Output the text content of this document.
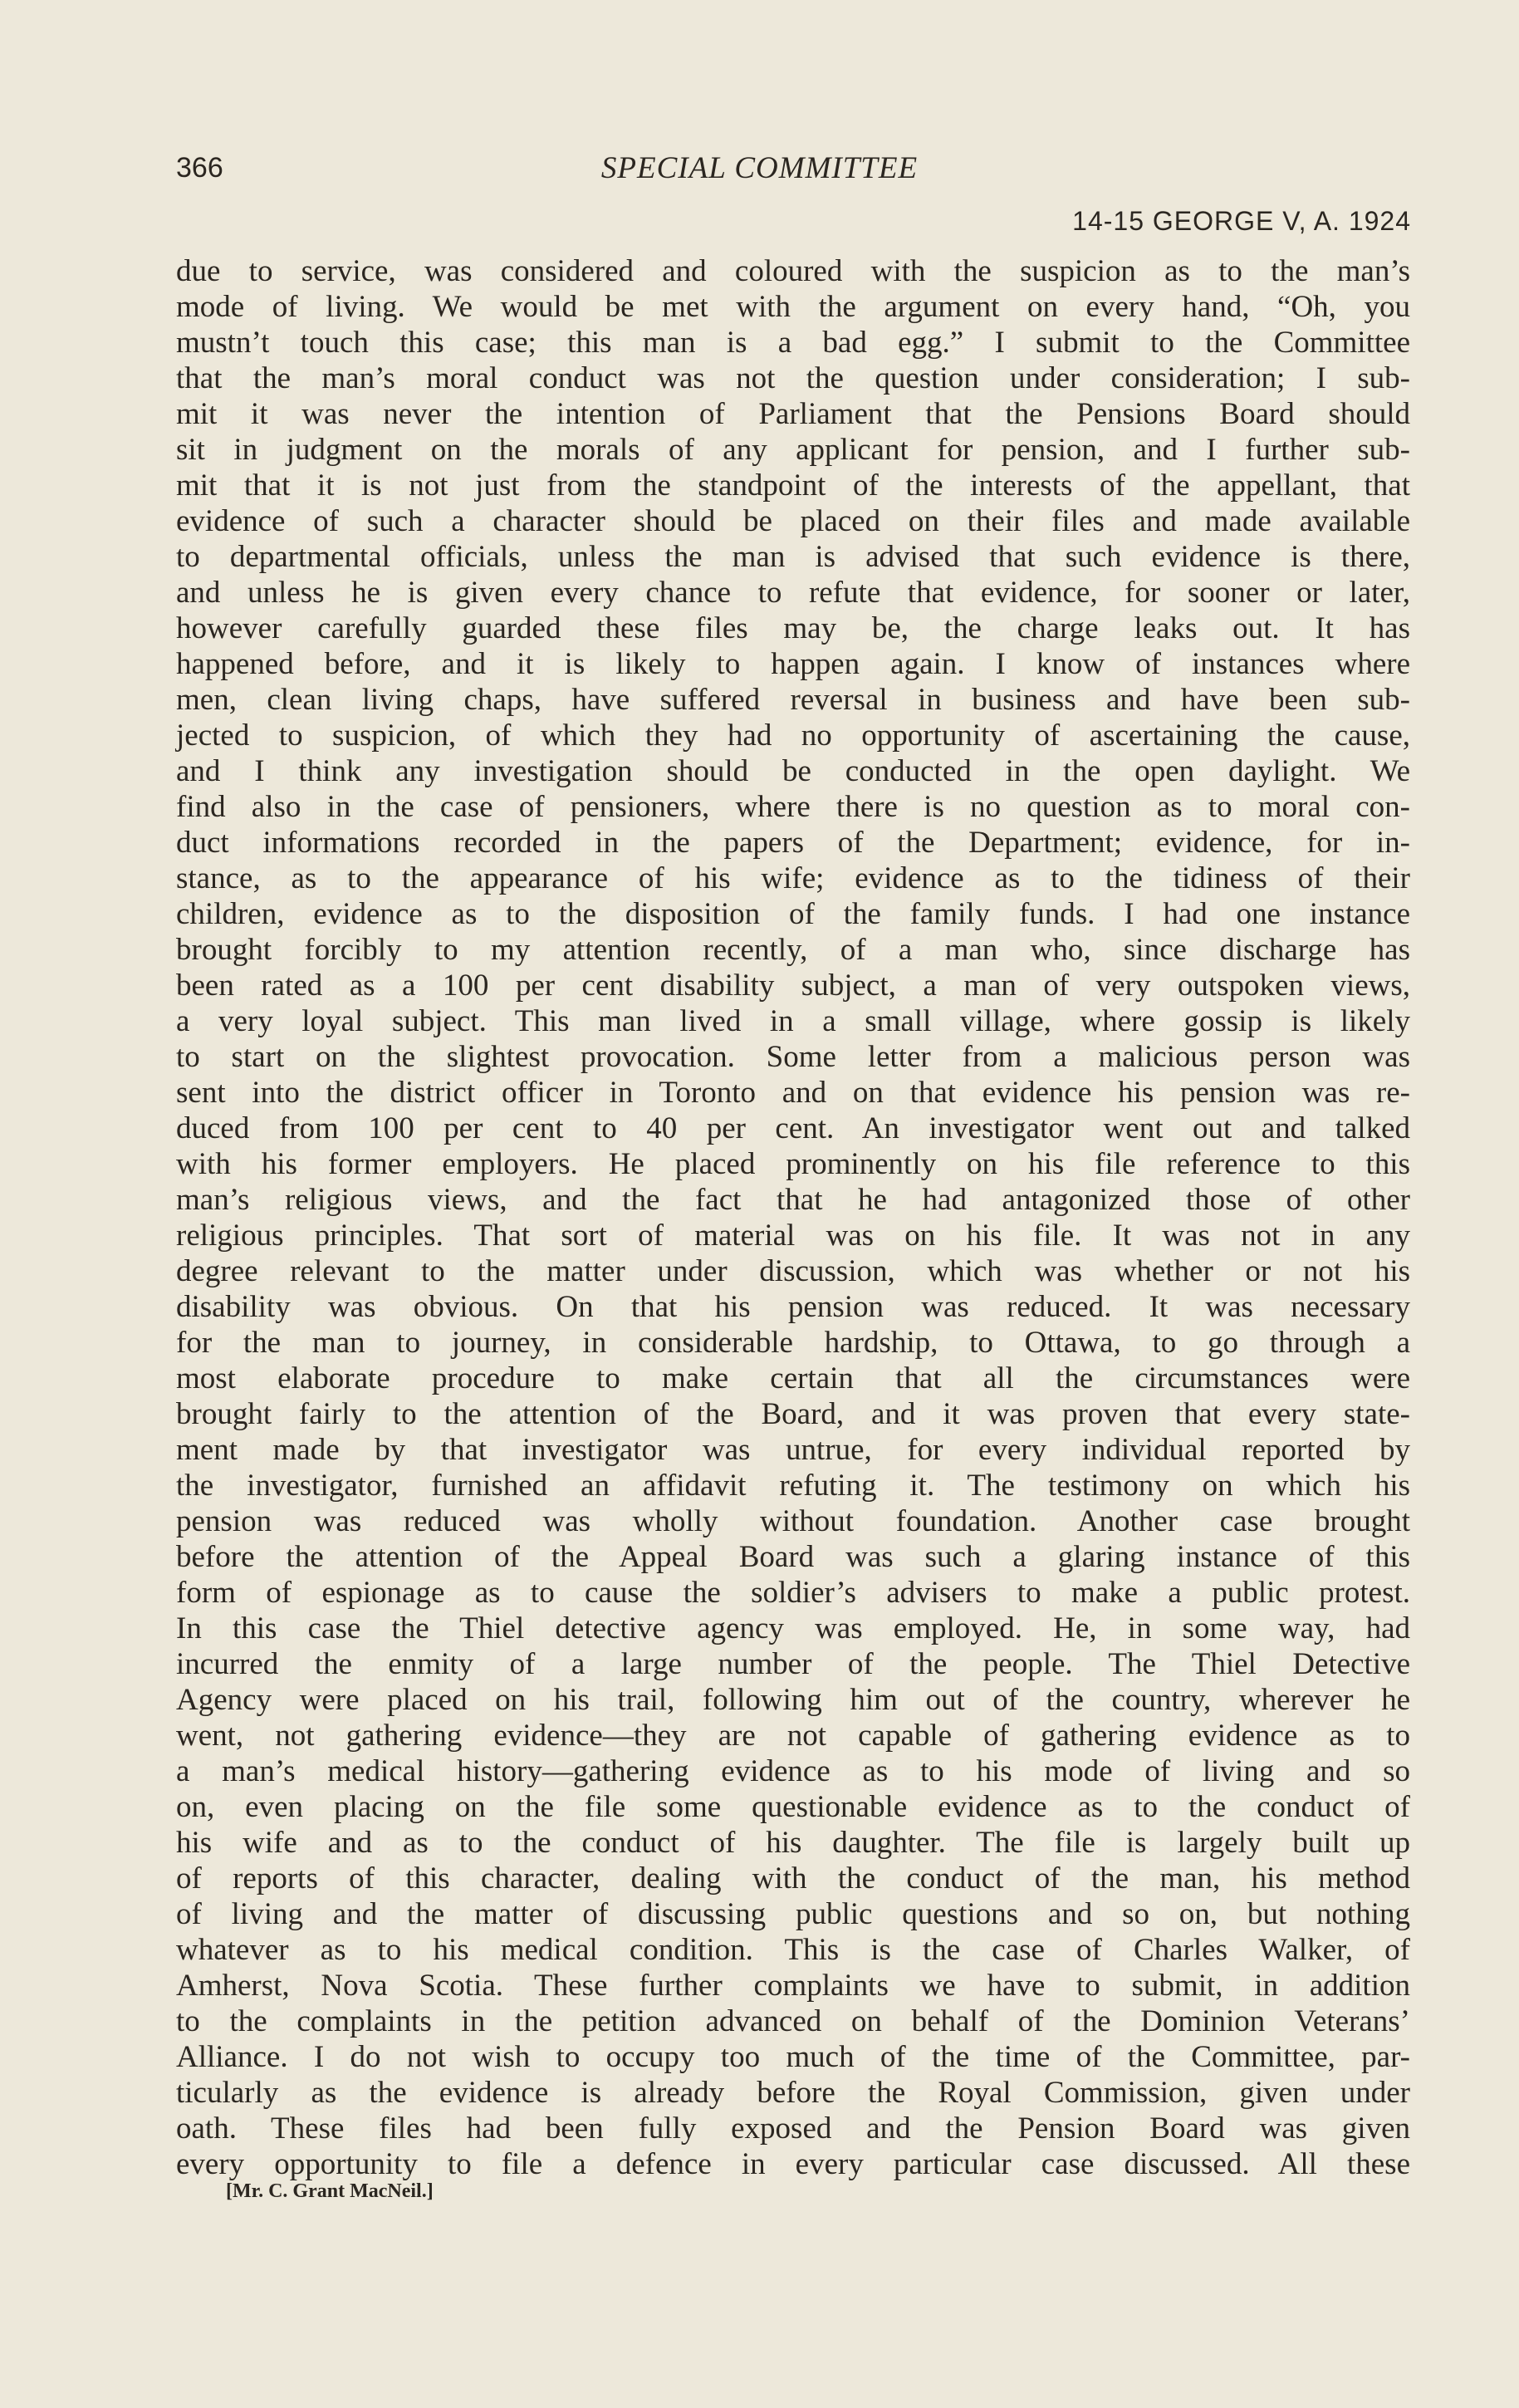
366	SPECIAL COMMITTEE
14-15 GEORGE V, A. 1924
due to service, was considered and coloured with the suspicion as to the man’s
mode of living. We would be met with the argument on every hand, “Oh, you
mustn’t touch this case; this man is a bad egg.” I submit to the Committee
that the man’s moral conduct was not the question under consideration; I sub-
mit it was never the intention of Parliament that the Pensions Board should
sit in judgment on the morals of any applicant for pension, and I further sub-
mit that it is not just from the standpoint of the interests of the appellant, that
evidence of such a character should be placed on their files and made available
to departmental officials, unless the man is advised that such evidence is there,
and unless he is given every chance to refute that evidence, for sooner or later,
however carefully guarded these files may be, the charge leaks out. It has
happened before, and it is likely to happen again. I know of instances where
men, clean living chaps, have suffered reversal in business and have been sub-
jected to suspicion, of which they had no opportunity of ascertaining the cause,
and I think any investigation should be conducted in the open daylight. We
find also in the case of pensioners, where there is no question as to moral con-
duct informations recorded in the papers of the Department; evidence, for in-
stance, as to the appearance of his wife; evidence as to the tidiness of their
children, evidence as to the disposition of the family funds. I had one instance
brought forcibly to my attention recently, of a man who, since discharge has
been rated as a 100 per cent disability subject, a man of very outspoken views,
a very loyal subject. This man lived in a small village, where gossip is likely
to start on the slightest provocation. Some letter from a malicious person was
sent into the district officer in Toronto and on that evidence his pension was re-
duced from 100 per cent to 40 per cent. An investigator went out and talked
with his former employers. He placed prominently on his file reference to this
man’s religious views, and the fact that he had antagonized those of other
religious principles. That sort of material was on his file. It was not in any
degree relevant to the matter under discussion, which was whether or not his
disability was obvious. On that his pension was reduced. It was necessary
for the man to journey, in considerable hardship, to Ottawa, to go through a
most elaborate procedure to make certain that all the circumstances were
brought fairly to the attention of the Board, and it was proven that every state-
ment made by that investigator was untrue, for every individual reported by
the investigator, furnished an affidavit refuting it. The testimony on which his
pension was reduced was wholly without foundation. Another case brought
before the attention of the Appeal Board was such a glaring instance of this
form of espionage as to cause the soldier’s advisers to make a public protest.
In this case the Thiel detective agency was employed. He, in some way, had
incurred the enmity of a large number of the people. The Thiel Detective
Agency were placed on his trail, following him out of the country, wherever he
went, not gathering evidence—they are not capable of gathering evidence as to
a man’s medical history—gathering evidence as to his mode of living and so
on, even placing on the file some questionable evidence as to the conduct of
his wife and as to the conduct of his daughter. The file is largely built up
of reports of this character, dealing with the conduct of the man, his method
of living and the matter of discussing public questions and so on, but nothing
whatever as to his medical condition. This is the case of Charles Walker, of
Amherst, Nova Scotia. These further complaints we have to submit, in addition
to the complaints in the petition advanced on behalf of the Dominion Veterans’
Alliance. I do not wish to occupy too much of the time of the Committee, par-
ticularly as the evidence is already before the Royal Commission, given under
oath. These files had been fully exposed and the Pension Board was given
every opportunity to file a defence in every particular case discussed. All these
[Mr. C. Grant MacNeil.]
